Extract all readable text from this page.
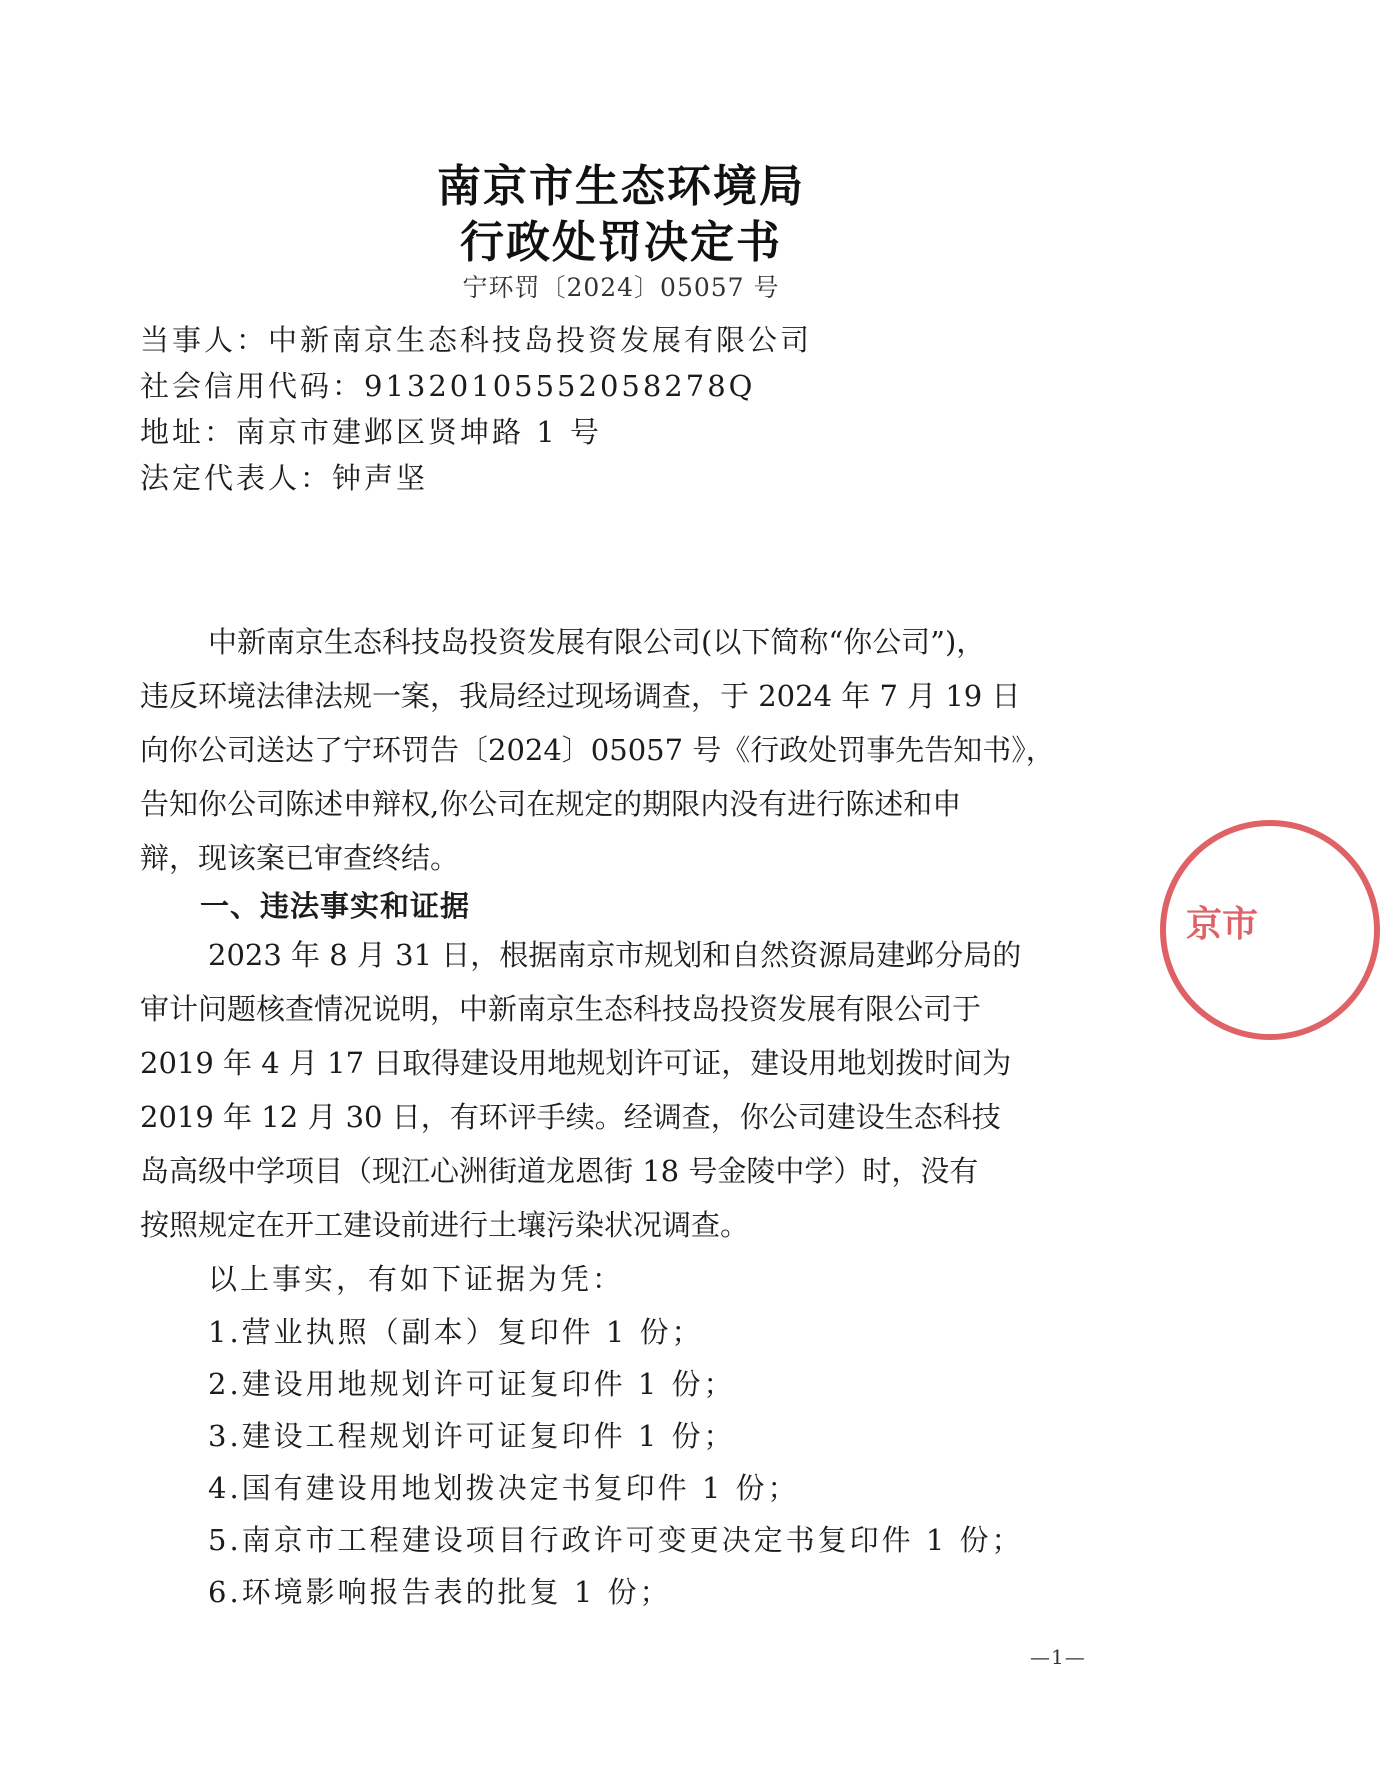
南京市生态环境局
行政处罚决定书
宁环罚〔2024〕05057 号
当事人：中新南京生态科技岛投资发展有限公司
社会信用代码：91320105552058278Q
地址：南京市建邺区贤坤路 1 号
法定代表人：钟声坚
中新南京生态科技岛投资发展有限公司(以下简称“你公司”)，
违反环境法律法规一案，我局经过现场调查，于 2024 年 7 月 19 日
向你公司送达了宁环罚告〔2024〕05057 号《行政处罚事先告知书》，
告知你公司陈述申辩权,你公司在规定的期限内没有进行陈述和申
辩，现该案已审查终结。
一、违法事实和证据
2023 年 8 月 31 日，根据南京市规划和自然资源局建邺分局的
审计问题核查情况说明，中新南京生态科技岛投资发展有限公司于
2019 年 4 月 17 日取得建设用地规划许可证，建设用地划拨时间为
2019 年 12 月 30 日，有环评手续。经调查，你公司建设生态科技
岛高级中学项目（现江心洲街道龙恩街 18 号金陵中学）时，没有
按照规定在开工建设前进行土壤污染状况调查。
以上事实，有如下证据为凭：
1.营业执照（副本）复印件 1 份；
2.建设用地规划许可证复印件 1 份；
3.建设工程规划许可证复印件 1 份；
4.国有建设用地划拨决定书复印件 1 份；
5.南京市工程建设项目行政许可变更决定书复印件 1 份；
6.环境影响报告表的批复 1 份；
京市
—1—
